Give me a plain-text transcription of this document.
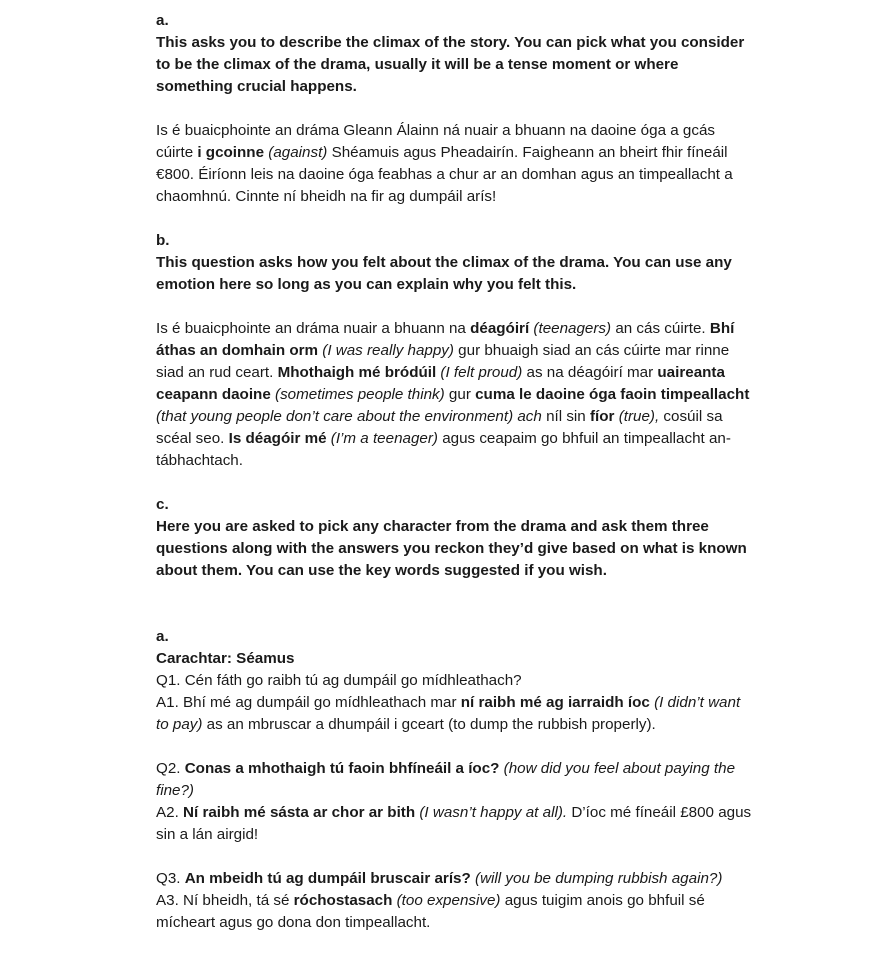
a.

This asks you to describe the climax of the story. You can pick what you consider to be the climax of the drama, usually it will be a tense moment or where something crucial happens.

Is é buaicphointe an dráma Gleann Álainn ná nuair a bhuann na daoine óga a gcás cúirte i gcoinne (against) Shéamuis agus Pheadairín. Faigheann an bheirt fhir fíneáil €800. Éiríonn leis na daoine óga feabhas a chur ar an domhan agus an timpeallacht a chaomhnú. Cinnte ní bheidh na fir ag dumpáil arís!

b.

This question asks how you felt about the climax of the drama. You can use any emotion here so long as you can explain why you felt this.

Is é buaicphointe an dráma nuair a bhuann na déagóirí (teenagers) an cás cúirte. Bhí áthas an domhain orm (I was really happy) gur bhuaigh siad an cás cúirte mar rinne siad an rud ceart. Mhothaigh mé bródúil (I felt proud) as na déagóirí mar uaireanta ceapann daoine (sometimes people think) gur cuma le daoine óga faoin timpeallacht (that young people don’t care about the environment) ach níl sin fíor (true), cosúil sa scéal seo. Is déagóir mé (I’m a teenager) agus ceapaim go bhfuil an timpeallacht an-tábhachtach.

c.

Here you are asked to pick any character from the drama and ask them three questions along with the answers you reckon they’d give based on what is known about them. You can use the key words suggested if you wish.

a.

Carachtar: Séamus

Q1. Cén fáth go raibh tú ag dumpáil go mídhleathach?

A1. Bhí mé ag dumpáil go mídhleathach mar ní raibh mé ag iarraidh íoc (I didn’t want to pay) as an mbruscar a dhumpáil i gceart (to dump the rubbish properly).

Q2. Conas a mhothaigh tú faoin bhfíneáil a íoc? (how did you feel about paying the fine?)

A2. Ní raibh mé sásta ar chor ar bith (I wasn’t happy at all). D’íoc mé fíneáil £800 agus sin a lán airgid!

Q3. An mbeidh tú ag dumpáil bruscair arís? (will you be dumping rubbish again?)

A3. Ní bheidh, tá sé róchostasach (too expensive) agus tuigim anois go bhfuil sé mícheart agus go dona don timpeallacht.
